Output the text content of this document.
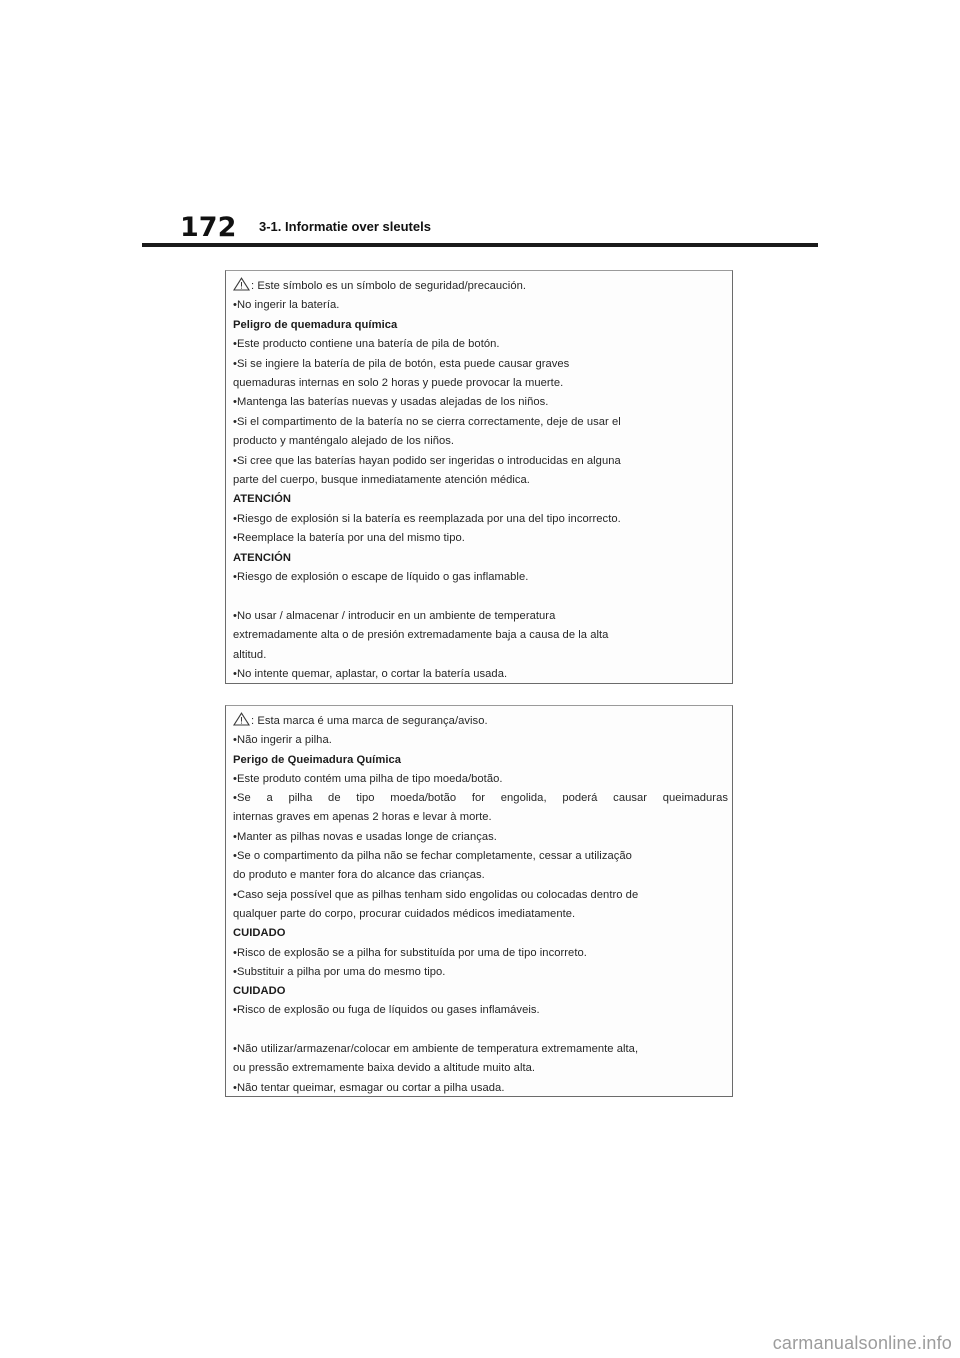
172 3-1. Informatie over sleutels
: Este símbolo es un símbolo de seguridad/precaución.
•No ingerir la batería.
Peligro de quemadura química
•Este producto contiene una batería de pila de botón.
•Si se ingiere la batería de pila de botón, esta puede causar graves
quemaduras internas en solo 2 horas y puede provocar la muerte.
•Mantenga las baterías nuevas y usadas alejadas de los niños.
•Si el compartimento de la batería no se cierra correctamente, deje de usar el
producto y manténgalo alejado de los niños.
•Si cree que las baterías hayan podido ser ingeridas o introducidas en alguna
parte del cuerpo, busque inmediatamente atención médica.
ATENCIÓN
•Riesgo de explosión si la batería es reemplazada por una del tipo incorrecto.
•Reemplace la batería por una del mismo tipo.
ATENCIÓN
•Riesgo de explosión o escape de líquido o gas inflamable.
•No usar / almacenar / introducir en un ambiente de temperatura
extremadamente alta o de presión extremadamente baja a causa de la alta
altitud.
•No intente quemar, aplastar, o cortar la batería usada.
: Esta marca é uma marca de segurança/aviso.
•Não ingerir a pilha.
Perigo de Queimadura Química
•Este produto contém uma pilha de tipo moeda/botão.
•Se a pilha de tipo moeda/botão for engolida, poderá causar queimaduras
internas graves em apenas 2 horas e levar à morte.
•Manter as pilhas novas e usadas longe de crianças.
•Se o compartimento da pilha não se fechar completamente, cessar a utilização
do produto e manter fora do alcance das crianças.
•Caso seja possível que as pilhas tenham sido engolidas ou colocadas dentro de
qualquer parte do corpo, procurar cuidados médicos imediatamente.
CUIDADO
•Risco de explosão se a pilha for substituída por uma de tipo incorreto.
•Substituir a pilha por uma do mesmo tipo.
CUIDADO
•Risco de explosão ou fuga de líquidos ou gases inflamáveis.
•Não utilizar/armazenar/colocar em ambiente de temperatura extremamente alta,
ou pressão extremamente baixa devido a altitude muito alta.
•Não tentar queimar, esmagar ou cortar a pilha usada.
carmanualsonline.info
